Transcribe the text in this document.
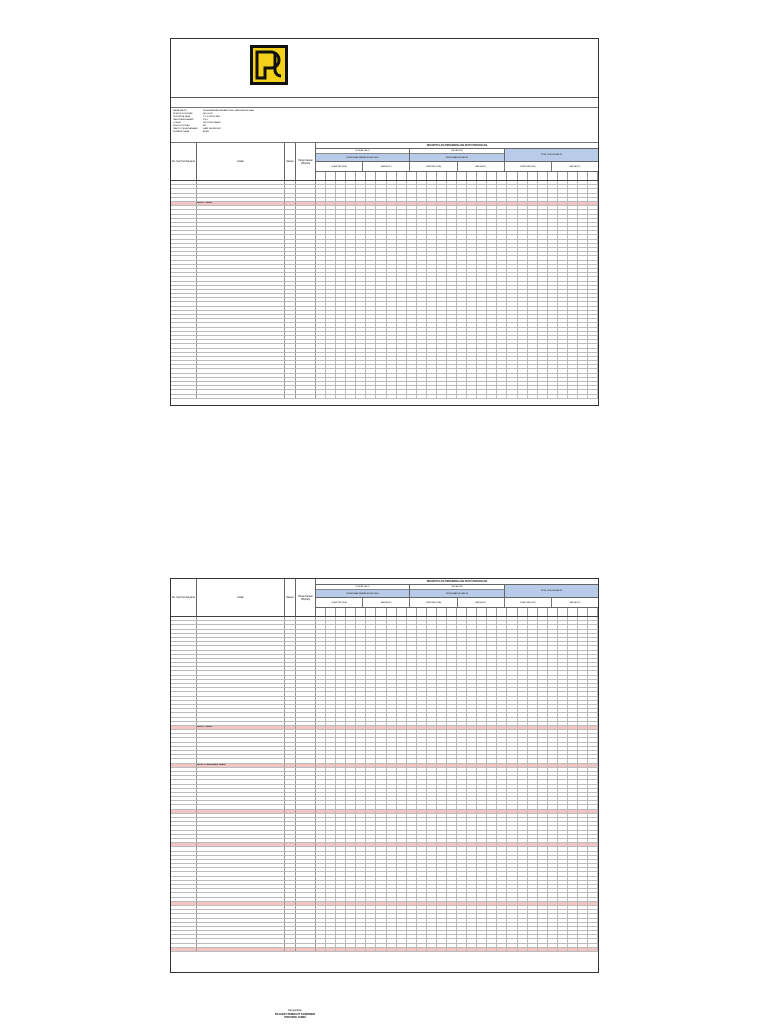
NAMA PAKET	PENGAWASAN REHABILITASI JARINGAN IRIGASI
NOMOR KONTRAK	HK.02.03/
PENYEDIA JASA	PT. KONSULTAN
TAHUN ANGGARAN	2021
LOKASI	PROVINSI JAMBI
NILAI KONTRAK	RP.
WAKTU PELAKSANAAN	HARI KALENDER
SUMBER DANA	APBN
No. Item Pembayaran	Uraian	Satuan	Harga Satuan (Rupiah)
REKAPITULASI PENGENDALIAN MUTU PEKERJAAN
( BULAN LALU )
PEKERJAAN SAMPAI BULAN LALU
( BULAN INI )
PEKERJAAN BULAN INI
TOTAL (S/D) BULAN INI
KUANTITAS (KUA)	HARGA (RP.)	KUANTITAS (KUA)	HARGA (RP.)	KUANTITAS (KUA)	HARGA (RP.)
DIVISI 1. UMUM
No. Item Pembayaran	Uraian	Satuan	Harga Satuan (Rupiah)
REKAPITULASI PENGENDALIAN MUTU PEKERJAAN
( BULAN LALU )
PEKERJAAN SAMPAI BULAN LALU
( BULAN INI )
PEKERJAAN BULAN INI
TOTAL (S/D) BULAN INI
KUANTITAS (KUA)	HARGA (RP.)	KUANTITAS (KUA)	HARGA (RP.)	KUANTITAS (KUA)	HARGA (RP.)
DIVISI 1. UMUM
DIVISI 2. PEKERJAAN TANAH
Mengetahui
PEJABAT PEMBUAT KOMITMEN
PROVINSI JAMBI
